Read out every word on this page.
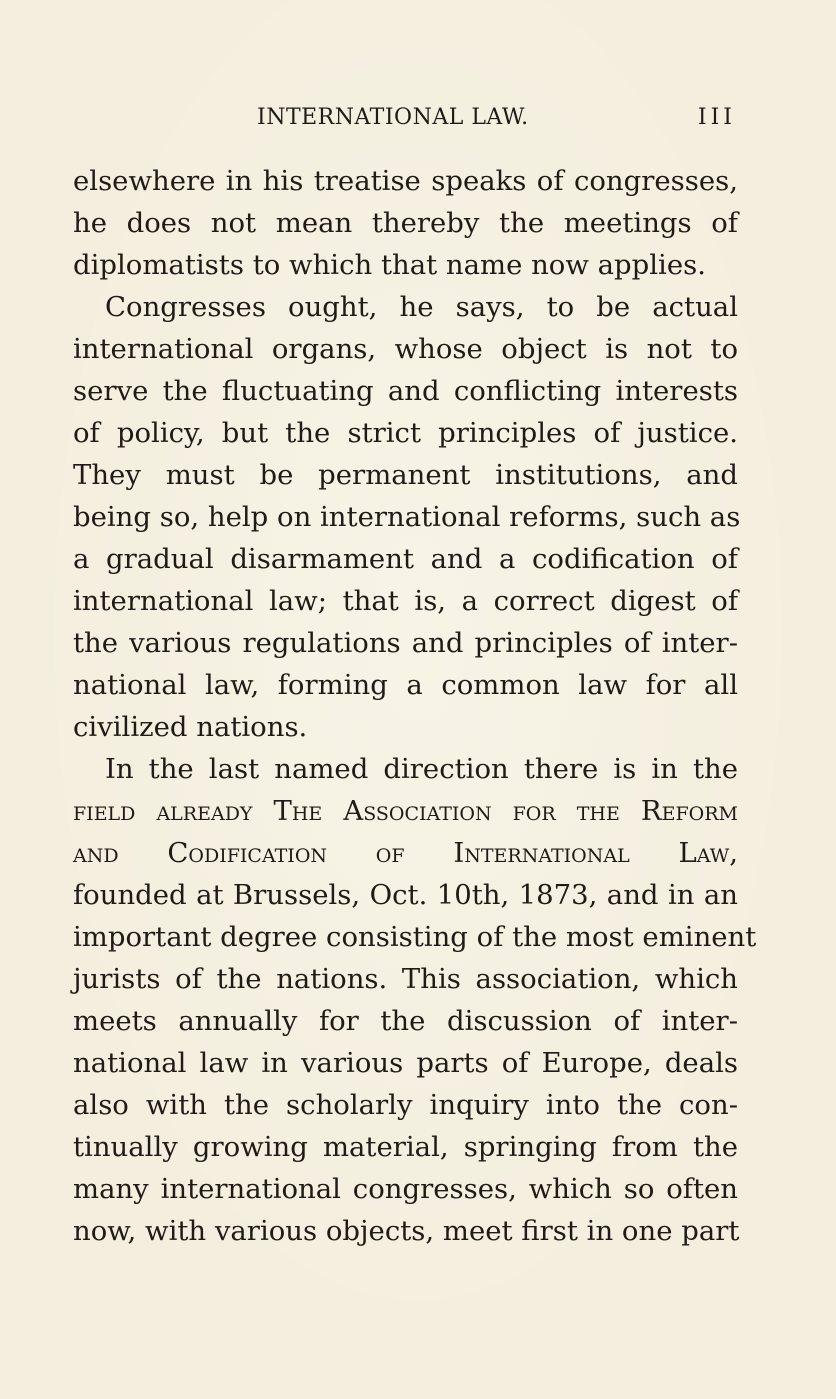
INTERNATIONAL LAW.	III
elsewhere in his treatise speaks of congresses,
he does not mean thereby the meetings of
diplomatists to which that name now applies.
Congresses ought, he says, to be actual
international organs, whose object is not to
serve the fluctuating and conflicting interests
of policy, but the strict principles of justice.
They must be permanent institutions, and
being so, help on international reforms, such as
a gradual disarmament and a codification of
international law; that is, a correct digest of
the various regulations and principles of inter-
national law, forming a common law for all
civilized nations.
In the last named direction there is in the
field already The Association for the Reform
and Codification of International Law,
founded at Brussels, Oct. 10th, 1873, and in an
important degree consisting of the most eminent
jurists of the nations. This association, which
meets annually for the discussion of inter-
national law in various parts of Europe, deals
also with the scholarly inquiry into the con-
tinually growing material, springing from the
many international congresses, which so often
now, with various objects, meet first in one part
